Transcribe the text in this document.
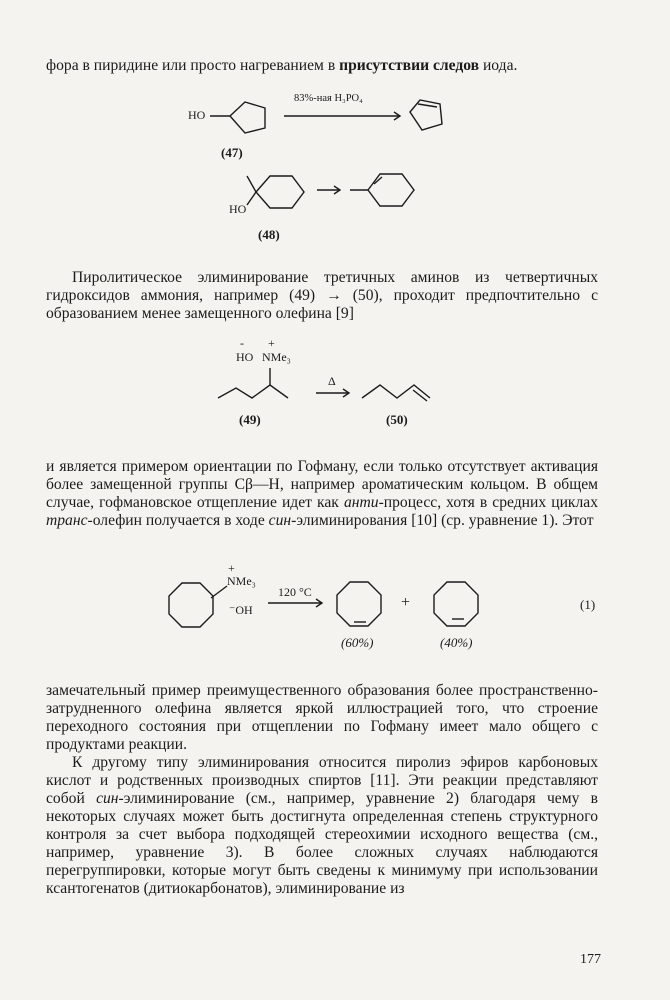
фора в пиридине или просто нагреванием в присутствии следов иода.

HO
83%-ная H₃PO₄
(47)
HO
(48)

Пиролитическое элиминирование третичных аминов из четвертичных гидроксидов аммония, например (49) → (50), проходит предпочтительно с образованием менее замещенного олефина [9]

-
HO
+
NMe₃
Δ
(49)	(50)

и является примером ориентации по Гофману, если только отсутствует активация более замещенной группы Cβ—H, например ароматическим кольцом. В общем случае, гофмановское отщепление идет как анти-процесс, хотя в средних циклах транс-олефин получается в ходе син-элиминирования [10] (ср. уравнение 1). Этот

+
NMe₃
⁻OH
120 °C
+
(60%)	(40%)
(1)

замечательный пример преимущественного образования более пространственно-затрудненного олефина является яркой иллюстрацией того, что строение переходного состояния при отщеплении по Гофману имеет мало общего с продуктами реакции.

К другому типу элиминирования относится пиролиз эфиров карбоновых кислот и родственных производных спиртов [11]. Эти реакции представляют собой син-элиминирование (см., например, уравнение 2) благодаря чему в некоторых случаях может быть достигнута определенная степень структурного контроля за счет выбора подходящей стереохимии исходного вещества (см., например, уравнение 3). В более сложных случаях наблюдаются перегруппировки, которые могут быть сведены к минимуму при использовании ксантогенатов (дитиокарбонатов), элиминирование из

177
